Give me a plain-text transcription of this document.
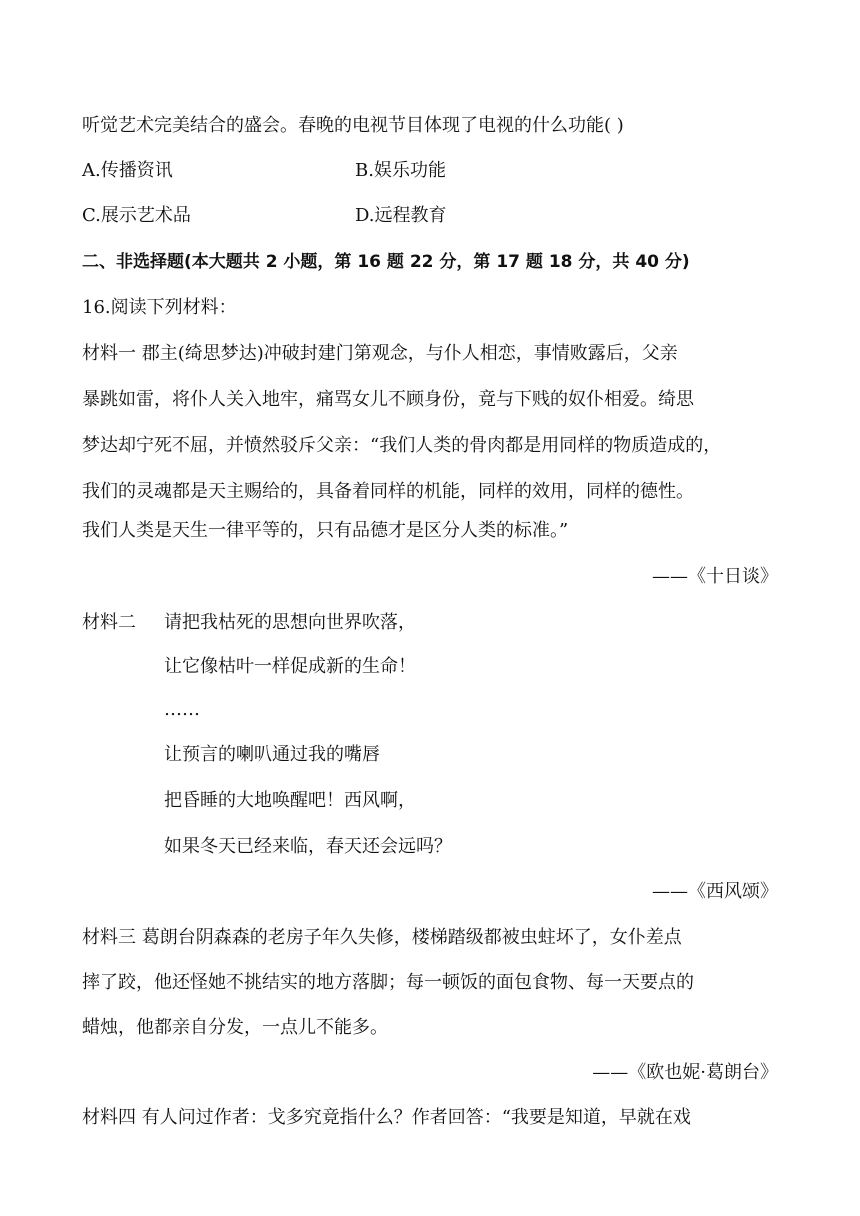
听觉艺术完美结合的盛会。春晚的电视节目体现了电视的什么功能( )
A.传播资讯	B.娱乐功能
C.展示艺术品	D.远程教育
二、非选择题(本大题共 2 小题，第 16 题 22 分，第 17 题 18 分，共 40 分)
16.阅读下列材料：
材料一 郡主(绮思梦达)冲破封建门第观念，与仆人相恋，事情败露后，父亲
暴跳如雷，将仆人关入地牢，痛骂女儿不顾身份，竟与下贱的奴仆相爱。绮思
梦达却宁死不屈，并愤然驳斥父亲：“我们人类的骨肉都是用同样的物质造成的，
我们的灵魂都是天主赐给的，具备着同样的机能，同样的效用，同样的德性。
我们人类是天生一律平等的，只有品德才是区分人类的标准。”
——《十日谈》
材料二 请把我枯死的思想向世界吹落，
让它像枯叶一样促成新的生命！
……
让预言的喇叭通过我的嘴唇
把昏睡的大地唤醒吧！西风啊，
如果冬天已经来临，春天还会远吗？
——《西风颂》
材料三 葛朗台阴森森的老房子年久失修，楼梯踏级都被虫蛀坏了，女仆差点
摔了跤，他还怪她不挑结实的地方落脚；每一顿饭的面包食物、每一天要点的
蜡烛，他都亲自分发，一点儿不能多。
——《欧也妮·葛朗台》
材料四 有人问过作者：戈多究竟指什么？作者回答：“我要是知道，早就在戏
